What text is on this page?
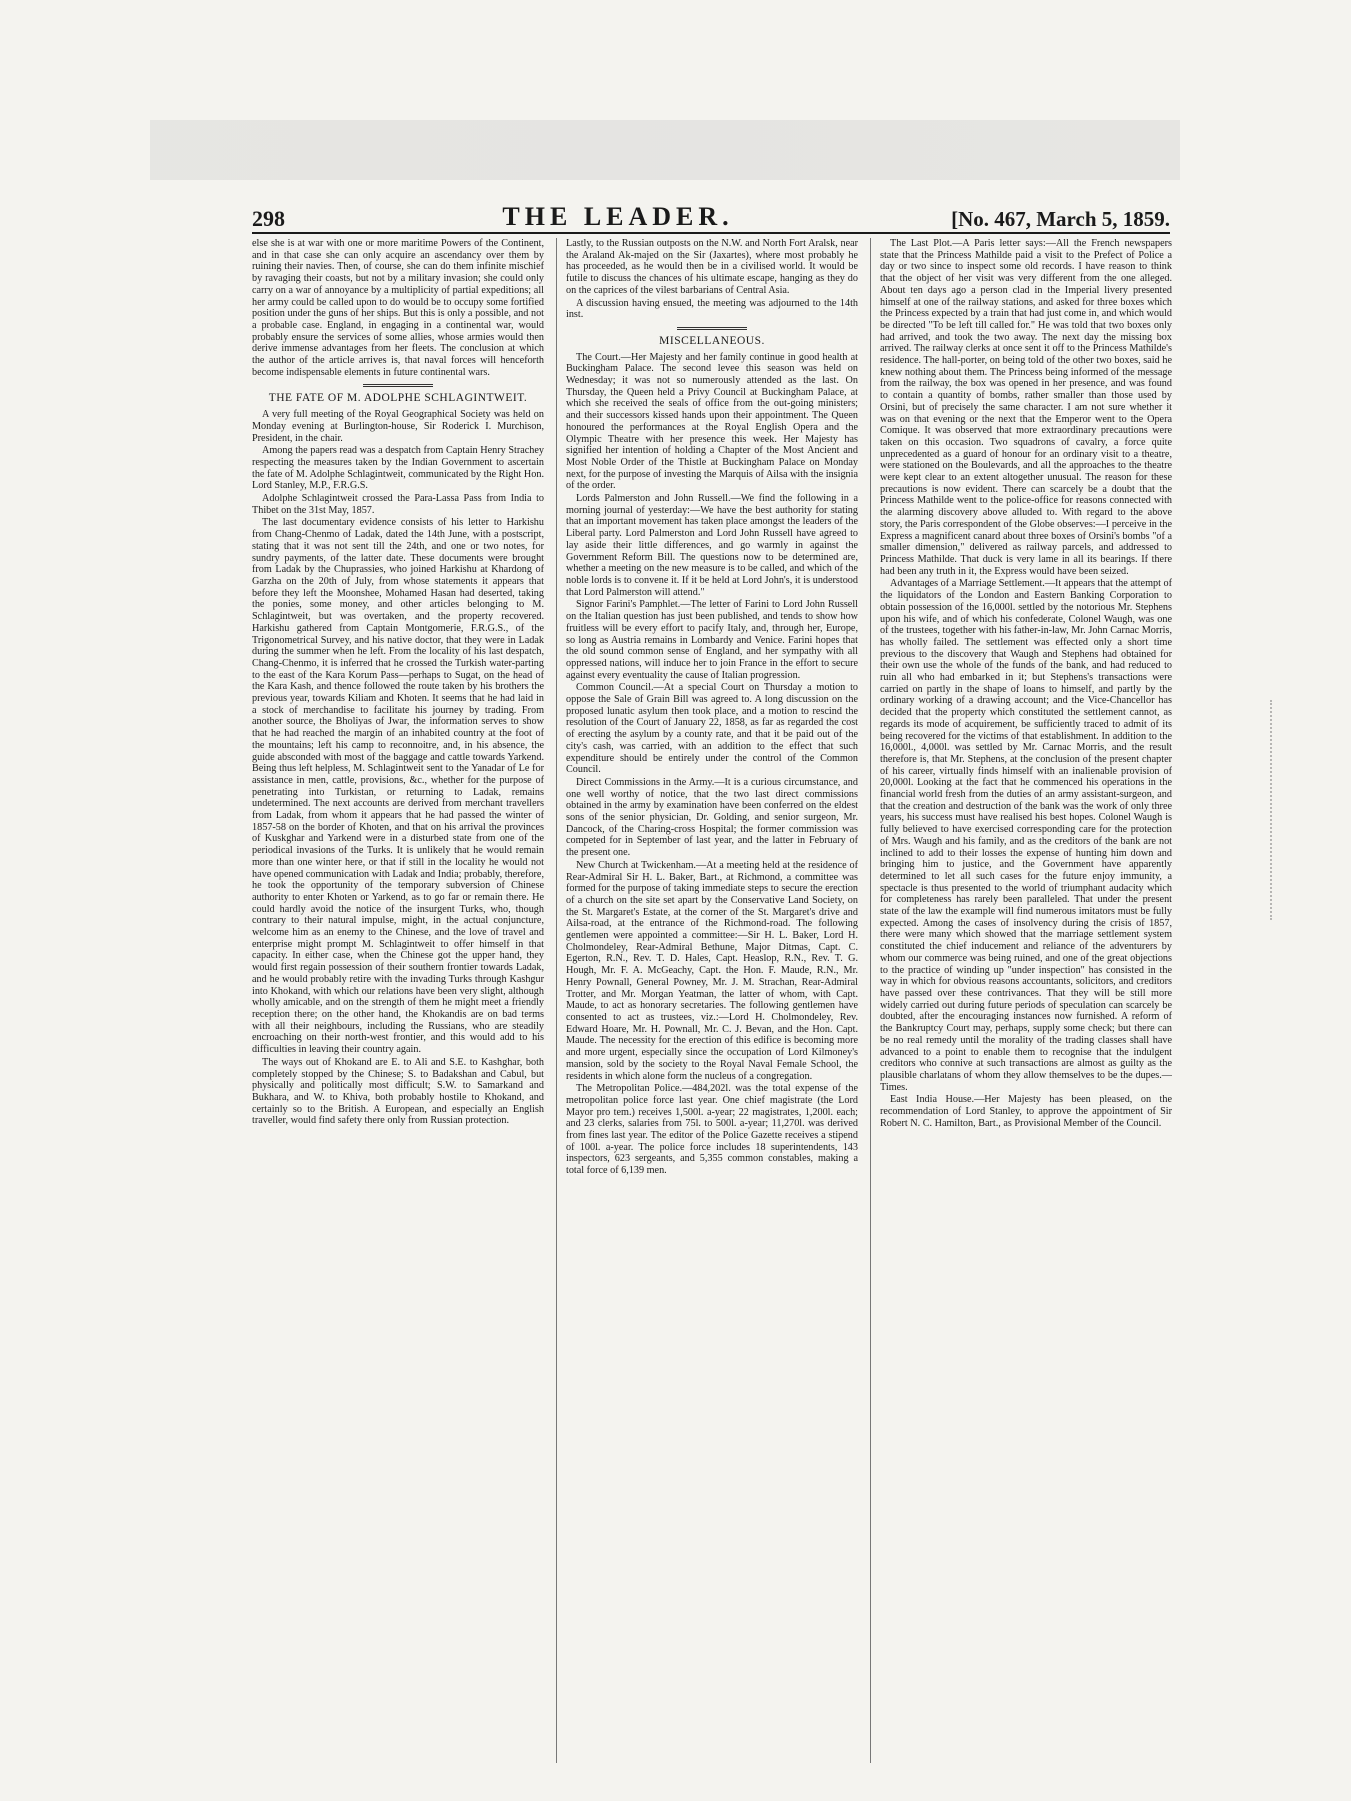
298	THE LEADER.	[No. 467, March 5, 1859.

else she is at war with one or more maritime Powers of the Continent, and in that case she can only acquire an ascendancy over them by ruining their navies. Then, of course, she can do them infinite mischief by ravaging their coasts, but not by a military invasion; she could only carry on a war of annoyance by a multiplicity of partial expeditions; all her army could be called upon to do would be to occupy some fortified position under the guns of her ships. But this is only a possible, and not a probable case. England, in engaging in a continental war, would probably ensure the services of some allies, whose armies would then derive immense advantages from her fleets. The conclusion at which the author of the article arrives is, that naval forces will henceforth become indispensable elements in future continental wars.

THE FATE OF M. ADOLPHE SCHLAGINTWEIT.

A very full meeting of the Royal Geographical Society was held on Monday evening at Burlington-house, Sir Roderick I. Murchison, President, in the chair.

Among the papers read was a despatch from Captain Henry Strachey respecting the measures taken by the Indian Government to ascertain the fate of M. Adolphe Schlagintweit, communicated by the Right Hon. Lord Stanley, M.P., F.R.G.S.

Adolphe Schlagintweit crossed the Para-Lassa Pass from India to Thibet on the 31st May, 1857.

The last documentary evidence consists of his letter to Harkishu from Chang-Chenmo of Ladak, dated the 14th June, with a postscript, stating that it was not sent till the 24th, and one or two notes, for sundry payments, of the latter date. These documents were brought from Ladak by the Chuprassies, who joined Harkishu at Khardong of Garzha on the 20th of July, from whose statements it appears that before they left the Moonshee, Mohamed Hasan had deserted, taking the ponies, some money, and other articles belonging to M. Schlagintweit, but was overtaken, and the property recovered. Harkishu gathered from Captain Montgomerie, F.R.G.S., of the Trigonometrical Survey, and his native doctor, that they were in Ladak during the summer when he left. From the locality of his last despatch, Chang-Chenmo, it is inferred that he crossed the Turkish water-parting to the east of the Kara Korum Pass—perhaps to Sugat, on the head of the Kara Kash, and thence followed the route taken by his brothers the previous year, towards Kiliam and Khoten. It seems that he had laid in a stock of merchandise to facilitate his journey by trading. From another source, the Bholiyas of Jwar, the information serves to show that he had reached the margin of an inhabited country at the foot of the mountains; left his camp to reconnoitre, and, in his absence, the guide absconded with most of the baggage and cattle towards Yarkend. Being thus left helpless, M. Schlagintweit sent to the Yanadar of Le for assistance in men, cattle, provisions, &c., whether for the purpose of penetrating into Turkistan, or returning to Ladak, remains undetermined. The next accounts are derived from merchant travellers from Ladak, from whom it appears that he had passed the winter of 1857-58 on the border of Khoten, and that on his arrival the provinces of Kuskghar and Yarkend were in a disturbed state from one of the periodical invasions of the Turks. It is unlikely that he would remain more than one winter here, or that if still in the locality he would not have opened communication with Ladak and India; probably, therefore, he took the opportunity of the temporary subversion of Chinese authority to enter Khoten or Yarkend, as to go far or remain there. He could hardly avoid the notice of the insurgent Turks, who, though contrary to their natural impulse, might, in the actual conjuncture, welcome him as an enemy to the Chinese, and the love of travel and enterprise might prompt M. Schlagintweit to offer himself in that capacity. In either case, when the Chinese got the upper hand, they would first regain possession of their southern frontier towards Ladak, and he would probably retire with the invading Turks through Kashgur into Khokand, with which our relations have been very slight, although wholly amicable, and on the strength of them he might meet a friendly reception there; on the other hand, the Khokandis are on bad terms with all their neighbours, including the Russians, who are steadily encroaching on their north-west frontier, and this would add to his difficulties in leaving their country again.

The ways out of Khokand are E. to Ali and S.E. to Kashghar, both completely stopped by the Chinese; S. to Badakshan and Cabul, but physically and politically most difficult; S.W. to Samarkand and Bukhara, and W. to Khiva, both probably hostile to Khokand, and certainly so to the British. A European, and especially an English traveller, would find safety there only from Russian protection.

Lastly, to the Russian outposts on the N.W. and North Fort Aralsk, near the Araland Ak-majed on the Sir (Jaxartes), where most probably he has proceeded, as he would then be in a civilised world. It would be futile to discuss the chances of his ultimate escape, hanging as they do on the caprices of the vilest barbarians of Central Asia.

A discussion having ensued, the meeting was adjourned to the 14th inst.

MISCELLANEOUS.

The Court.—Her Majesty and her family continue in good health at Buckingham Palace. The second levee this season was held on Wednesday; it was not so numerously attended as the last. On Thursday, the Queen held a Privy Council at Buckingham Palace, at which she received the seals of office from the out-going ministers; and their successors kissed hands upon their appointment. The Queen honoured the performances at the Royal English Opera and the Olympic Theatre with her presence this week. Her Majesty has signified her intention of holding a Chapter of the Most Ancient and Most Noble Order of the Thistle at Buckingham Palace on Monday next, for the purpose of investing the Marquis of Ailsa with the insignia of the order.

Lords Palmerston and John Russell.—We find the following in a morning journal of yesterday:—We have the best authority for stating that an important movement has taken place amongst the leaders of the Liberal party. Lord Palmerston and Lord John Russell have agreed to lay aside their little differences, and go warmly in against the Government Reform Bill. The questions now to be determined are, whether a meeting on the new measure is to be called, and which of the noble lords is to convene it. If it be held at Lord John's, it is understood that Lord Palmerston will attend."

Signor Farini's Pamphlet.—The letter of Farini to Lord John Russell on the Italian question has just been published, and tends to show how fruitless will be every effort to pacify Italy, and, through her, Europe, so long as Austria remains in Lombardy and Venice. Farini hopes that the old sound common sense of England, and her sympathy with all oppressed nations, will induce her to join France in the effort to secure against every eventuality the cause of Italian progression.

Common Council.—At a special Court on Thursday a motion to oppose the Sale of Grain Bill was agreed to. A long discussion on the proposed lunatic asylum then took place, and a motion to rescind the resolution of the Court of January 22, 1858, as far as regarded the cost of erecting the asylum by a county rate, and that it be paid out of the city's cash, was carried, with an addition to the effect that such expenditure should be entirely under the control of the Common Council.

Direct Commissions in the Army.—It is a curious circumstance, and one well worthy of notice, that the two last direct commissions obtained in the army by examination have been conferred on the eldest sons of the senior physician, Dr. Golding, and senior surgeon, Mr. Dancock, of the Charing-cross Hospital; the former commission was competed for in September of last year, and the latter in February of the present one.

New Church at Twickenham.—At a meeting held at the residence of Rear-Admiral Sir H. L. Baker, Bart., at Richmond, a committee was formed for the purpose of taking immediate steps to secure the erection of a church on the site set apart by the Conservative Land Society, on the St. Margaret's Estate, at the corner of the St. Margaret's drive and Ailsa-road, at the entrance of the Richmond-road. The following gentlemen were appointed a committee:—Sir H. L. Baker, Lord H. Cholmondeley, Rear-Admiral Bethune, Major Ditmas, Capt. C. Egerton, R.N., Rev. T. D. Hales, Capt. Heaslop, R.N., Rev. T. G. Hough, Mr. F. A. McGeachy, Capt. the Hon. F. Maude, R.N., Mr. Henry Pownall, General Powney, Mr. J. M. Strachan, Rear-Admiral Trotter, and Mr. Morgan Yeatman, the latter of whom, with Capt. Maude, to act as honorary secretaries. The following gentlemen have consented to act as trustees, viz.:—Lord H. Cholmondeley, Rev. Edward Hoare, Mr. H. Pownall, Mr. C. J. Bevan, and the Hon. Capt. Maude. The necessity for the erection of this edifice is becoming more and more urgent, especially since the occupation of Lord Kilmoney's mansion, sold by the society to the Royal Naval Female School, the residents in which alone form the nucleus of a congregation.

The Metropolitan Police.—484,202l. was the total expense of the metropolitan police force last year. One chief magistrate (the Lord Mayor pro tem.) receives 1,500l. a-year; 22 magistrates, 1,200l. each; and 23 clerks, salaries from 75l. to 500l. a-year; 11,270l. was derived from fines last year. The editor of the Police Gazette receives a stipend of 100l. a-year. The police force includes 18 superintendents, 143 inspectors, 623 sergeants, and 5,355 common constables, making a total force of 6,139 men.

The Last Plot.—A Paris letter says:—All the French newspapers state that the Princess Mathilde paid a visit to the Prefect of Police a day or two since to inspect some old records. I have reason to think that the object of her visit was very different from the one alleged. About ten days ago a person clad in the Imperial livery presented himself at one of the railway stations, and asked for three boxes which the Princess expected by a train that had just come in, and which would be directed "To be left till called for." He was told that two boxes only had arrived, and took the two away. The next day the missing box arrived. The railway clerks at once sent it off to the Princess Mathilde's residence. The hall-porter, on being told of the other two boxes, said he knew nothing about them. The Princess being informed of the message from the railway, the box was opened in her presence, and was found to contain a quantity of bombs, rather smaller than those used by Orsini, but of precisely the same character. I am not sure whether it was on that evening or the next that the Emperor went to the Opera Comique. It was observed that more extraordinary precautions were taken on this occasion. Two squadrons of cavalry, a force quite unprecedented as a guard of honour for an ordinary visit to a theatre, were stationed on the Boulevards, and all the approaches to the theatre were kept clear to an extent altogether unusual. The reason for these precautions is now evident. There can scarcely be a doubt that the Princess Mathilde went to the police-office for reasons connected with the alarming discovery above alluded to. With regard to the above story, the Paris correspondent of the Globe observes:—I perceive in the Express a magnificent canard about three boxes of Orsini's bombs "of a smaller dimension," delivered as railway parcels, and addressed to Princess Mathilde. That duck is very lame in all its bearings. If there had been any truth in it, the Express would have been seized.

Advantages of a Marriage Settlement.—It appears that the attempt of the liquidators of the London and Eastern Banking Corporation to obtain possession of the 16,000l. settled by the notorious Mr. Stephens upon his wife, and of which his confederate, Colonel Waugh, was one of the trustees, together with his father-in-law, Mr. John Carnac Morris, has wholly failed. The settlement was effected only a short time previous to the discovery that Waugh and Stephens had obtained for their own use the whole of the funds of the bank, and had reduced to ruin all who had embarked in it; but Stephens's transactions were carried on partly in the shape of loans to himself, and partly by the ordinary working of a drawing account; and the Vice-Chancellor has decided that the property which constituted the settlement cannot, as regards its mode of acquirement, be sufficiently traced to admit of its being recovered for the victims of that establishment. In addition to the 16,000l., 4,000l. was settled by Mr. Carnac Morris, and the result therefore is, that Mr. Stephens, at the conclusion of the present chapter of his career, virtually finds himself with an inalienable provision of 20,000l. Looking at the fact that he commenced his operations in the financial world fresh from the duties of an army assistant-surgeon, and that the creation and destruction of the bank was the work of only three years, his success must have realised his best hopes. Colonel Waugh is fully believed to have exercised corresponding care for the protection of Mrs. Waugh and his family, and as the creditors of the bank are not inclined to add to their losses the expense of hunting him down and bringing him to justice, and the Government have apparently determined to let all such cases for the future enjoy immunity, a spectacle is thus presented to the world of triumphant audacity which for completeness has rarely been paralleled. That under the present state of the law the example will find numerous imitators must be fully expected. Among the cases of insolvency during the crisis of 1857, there were many which showed that the marriage settlement system constituted the chief inducement and reliance of the adventurers by whom our commerce was being ruined, and one of the great objections to the practice of winding up "under inspection" has consisted in the way in which for obvious reasons accountants, solicitors, and creditors have passed over these contrivances. That they will be still more widely carried out during future periods of speculation can scarcely be doubted, after the encouraging instances now furnished. A reform of the Bankruptcy Court may, perhaps, supply some check; but there can be no real remedy until the morality of the trading classes shall have advanced to a point to enable them to recognise that the indulgent creditors who connive at such transactions are almost as guilty as the plausible charlatans of whom they allow themselves to be the dupes.—Times.

East India House.—Her Majesty has been pleased, on the recommendation of Lord Stanley, to approve the appointment of Sir Robert N. C. Hamilton, Bart., as Provisional Member of the Council.
